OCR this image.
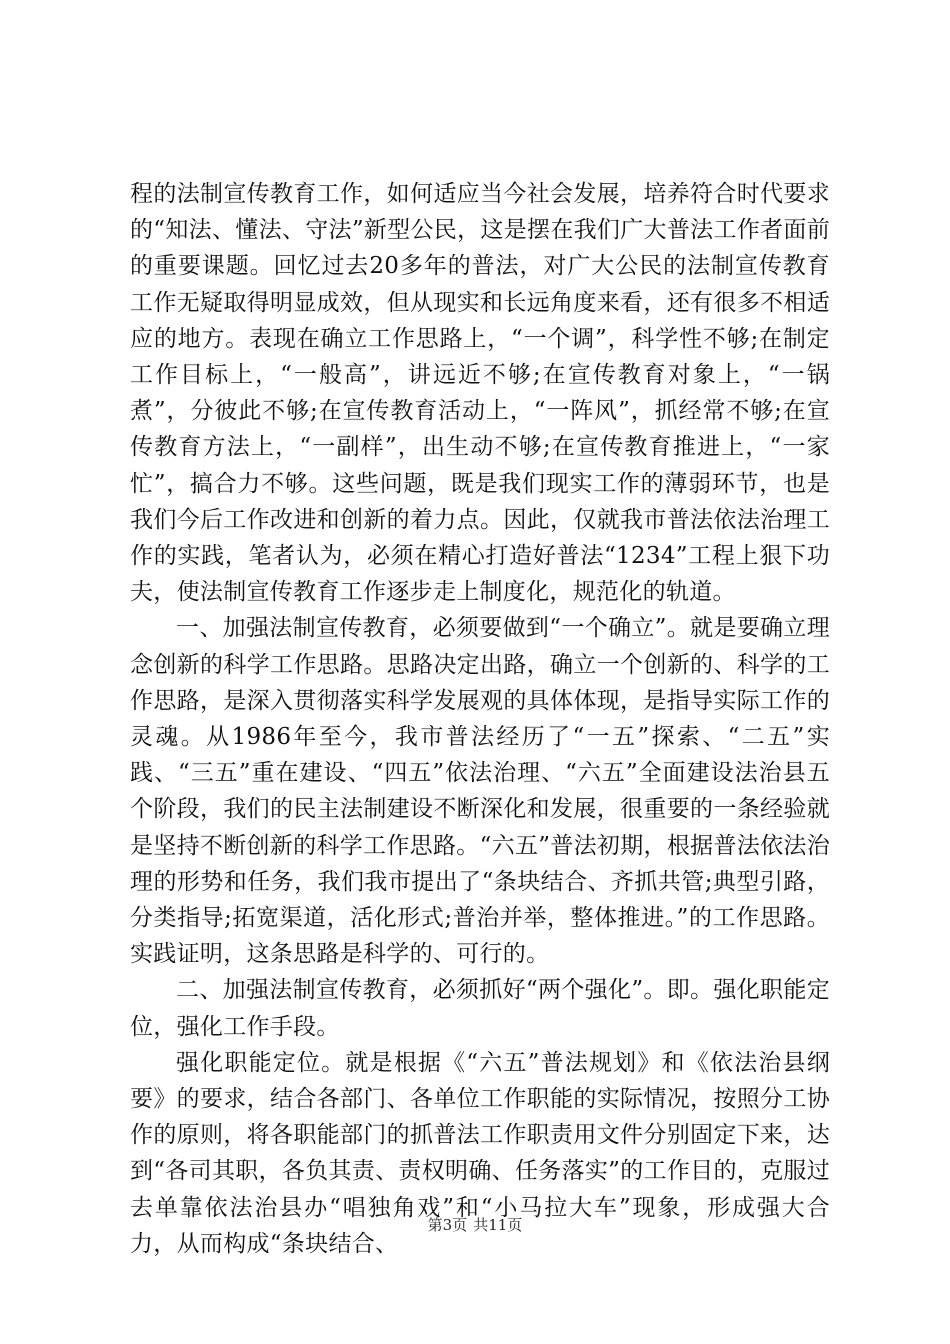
程的法制宣传教育工作，如何适应当今社会发展，培养符合时代要求的“知法、懂法、守法”新型公民，这是摆在我们广大普法工作者面前的重要课题。回忆过去20多年的普法，对广大公民的法制宣传教育工作无疑取得明显成效，但从现实和长远角度来看，还有很多不相适应的地方。表现在确立工作思路上，“一个调”，科学性不够;在制定工作目标上，“一般高”，讲远近不够;在宣传教育对象上，“一锅煮”，分彼此不够;在宣传教育活动上，“一阵风”，抓经常不够;在宣传教育方法上，“一副样”，出生动不够;在宣传教育推进上，“一家忙”，搞合力不够。这些问题，既是我们现实工作的薄弱环节，也是我们今后工作改进和创新的着力点。因此，仅就我市普法依法治理工作的实践，笔者认为，必须在精心打造好普法“1234”工程上狠下功夫，使法制宣传教育工作逐步走上制度化，规范化的轨道。

一、加强法制宣传教育，必须要做到“一个确立”。就是要确立理念创新的科学工作思路。思路决定出路，确立一个创新的、科学的工作思路，是深入贯彻落实科学发展观的具体体现，是指导实际工作的灵魂。从1986年至今，我市普法经历了“一五”探索、“二五”实践、“三五”重在建设、“四五”依法治理、“六五”全面建设法治县五个阶段，我们的民主法制建设不断深化和发展，很重要的一条经验就是坚持不断创新的科学工作思路。“六五”普法初期，根据普法依法治理的形势和任务，我们我市提出了“条块结合、齐抓共管;典型引路，分类指导;拓宽渠道，活化形式;普治并举，整体推进。”的工作思路。实践证明，这条思路是科学的、可行的。

二、加强法制宣传教育，必须抓好“两个强化”。即。强化职能定位，强化工作手段。

强化职能定位。就是根据《“六五”普法规划》和《依法治县纲要》的要求，结合各部门、各单位工作职能的实际情况，按照分工协作的原则，将各职能部门的抓普法工作职责用文件分别固定下来，达到“各司其职，各负其责、责权明确、任务落实”的工作目的，克服过去单靠依法治县办“唱独角戏”和“小马拉大车”现象，形成强大合力，从而构成“条块结合、

第3页 共11页
